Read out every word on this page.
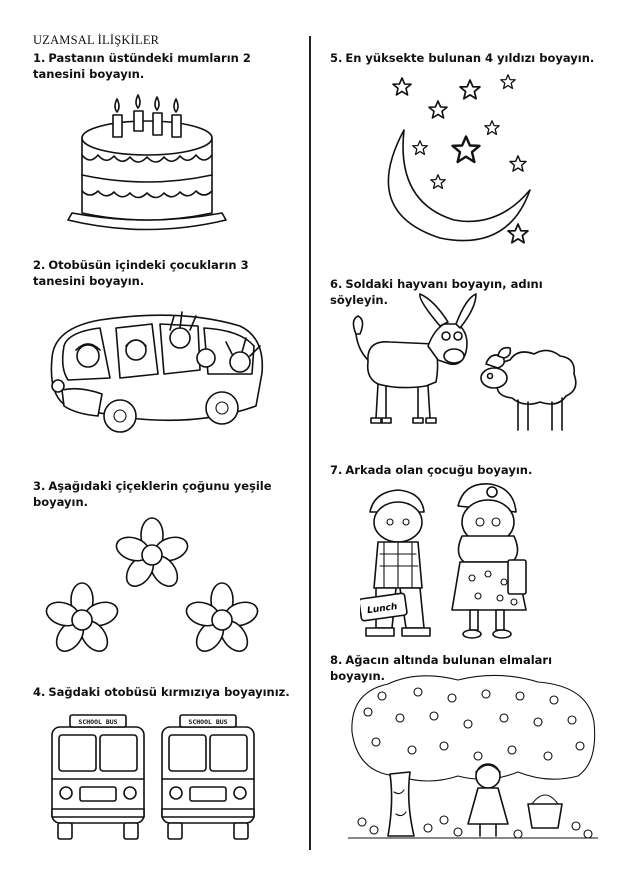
UZAMSAL İLİŞKİLER
1. Pastanın üstündeki mumların 2 tanesini boyayın.
2. Otobüsün içindeki çocukların 3 tanesini boyayın.
3. Aşağıdaki çiçeklerin çoğunu yeşile boyayın.
4. Sağdaki otobüsü kırmızıya boyayınız.
SCHOOL BUS	SCHOOL BUS
5. En yüksekte bulunan 4 yıldızı boyayın.
6. Soldaki hayvanı boyayın, adını söyleyin.
7. Arkada olan çocuğu boyayın.
Lunch
8. Ağacın altında bulunan elmaları boyayın.
